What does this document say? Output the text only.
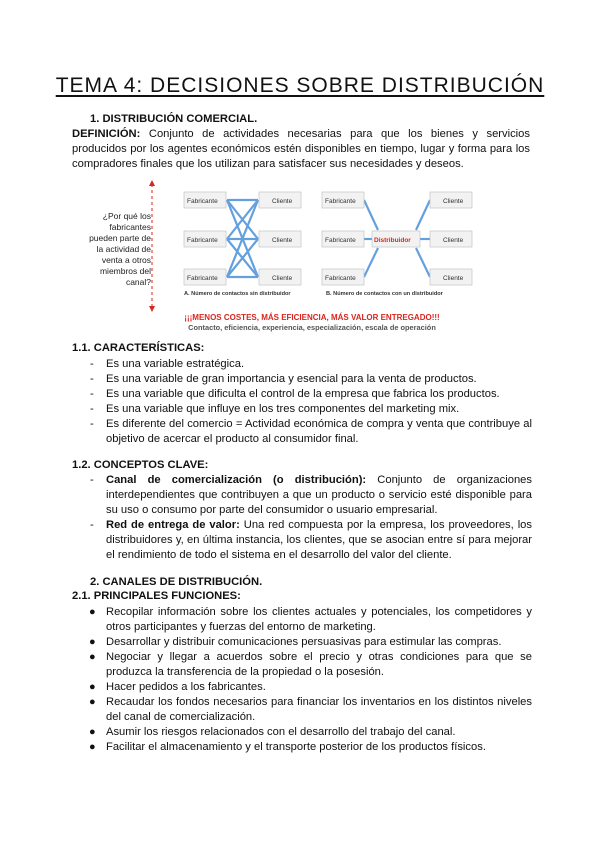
TEMA 4: DECISIONES SOBRE DISTRIBUCIÓN
1. DISTRIBUCIÓN COMERCIAL.
DEFINICIÓN: Conjunto de actividades necesarias para que los bienes y servicios producidos por los agentes económicos estén disponibles en tiempo, lugar y forma para los compradores finales que los utilizan para satisfacer sus necesidades y deseos.
¿Por qué los fabricantes pueden parte de la actividad de venta a otros miembros del canal?
Fabricante
Fabricante
Fabricante
Cliente
Cliente
Cliente
A. Número de contactos sin distribuidor
Fabricante
Fabricante
Fabricante
Distribuidor
Cliente
Cliente
Cliente
B. Número de contactos con un distribuidor
¡¡¡MENOS COSTES, MÁS EFICIENCIA, MÁS VALOR ENTREGADO!!!
Contacto, eficiencia, experiencia, especialización, escala de operación
1.1. CARACTERÍSTICAS:
- Es una variable estratégica.
- Es una variable de gran importancia y esencial para la venta de productos.
- Es una variable que dificulta el control de la empresa que fabrica los productos.
- Es una variable que influye en los tres componentes del marketing mix.
- Es diferente del comercio = Actividad económica de compra y venta que contribuye al objetivo de acercar el producto al consumidor final.
1.2. CONCEPTOS CLAVE:
- Canal de comercialización (o distribución): Conjunto de organizaciones interdependientes que contribuyen a que un producto o servicio esté disponible para su uso o consumo por parte del consumidor o usuario empresarial.
- Red de entrega de valor: Una red compuesta por la empresa, los proveedores, los distribuidores y, en última instancia, los clientes, que se asocian entre sí para mejorar el rendimiento de todo el sistema en el desarrollo del valor del cliente.
2. CANALES DE DISTRIBUCIÓN.
2.1. PRINCIPALES FUNCIONES:
● Recopilar información sobre los clientes actuales y potenciales, los competidores y otros participantes y fuerzas del entorno de marketing.
● Desarrollar y distribuir comunicaciones persuasivas para estimular las compras.
● Negociar y llegar a acuerdos sobre el precio y otras condiciones para que se produzca la transferencia de la propiedad o la posesión.
● Hacer pedidos a los fabricantes.
● Recaudar los fondos necesarios para financiar los inventarios en los distintos niveles del canal de comercialización.
● Asumir los riesgos relacionados con el desarrollo del trabajo del canal.
● Facilitar el almacenamiento y el transporte posterior de los productos físicos.
